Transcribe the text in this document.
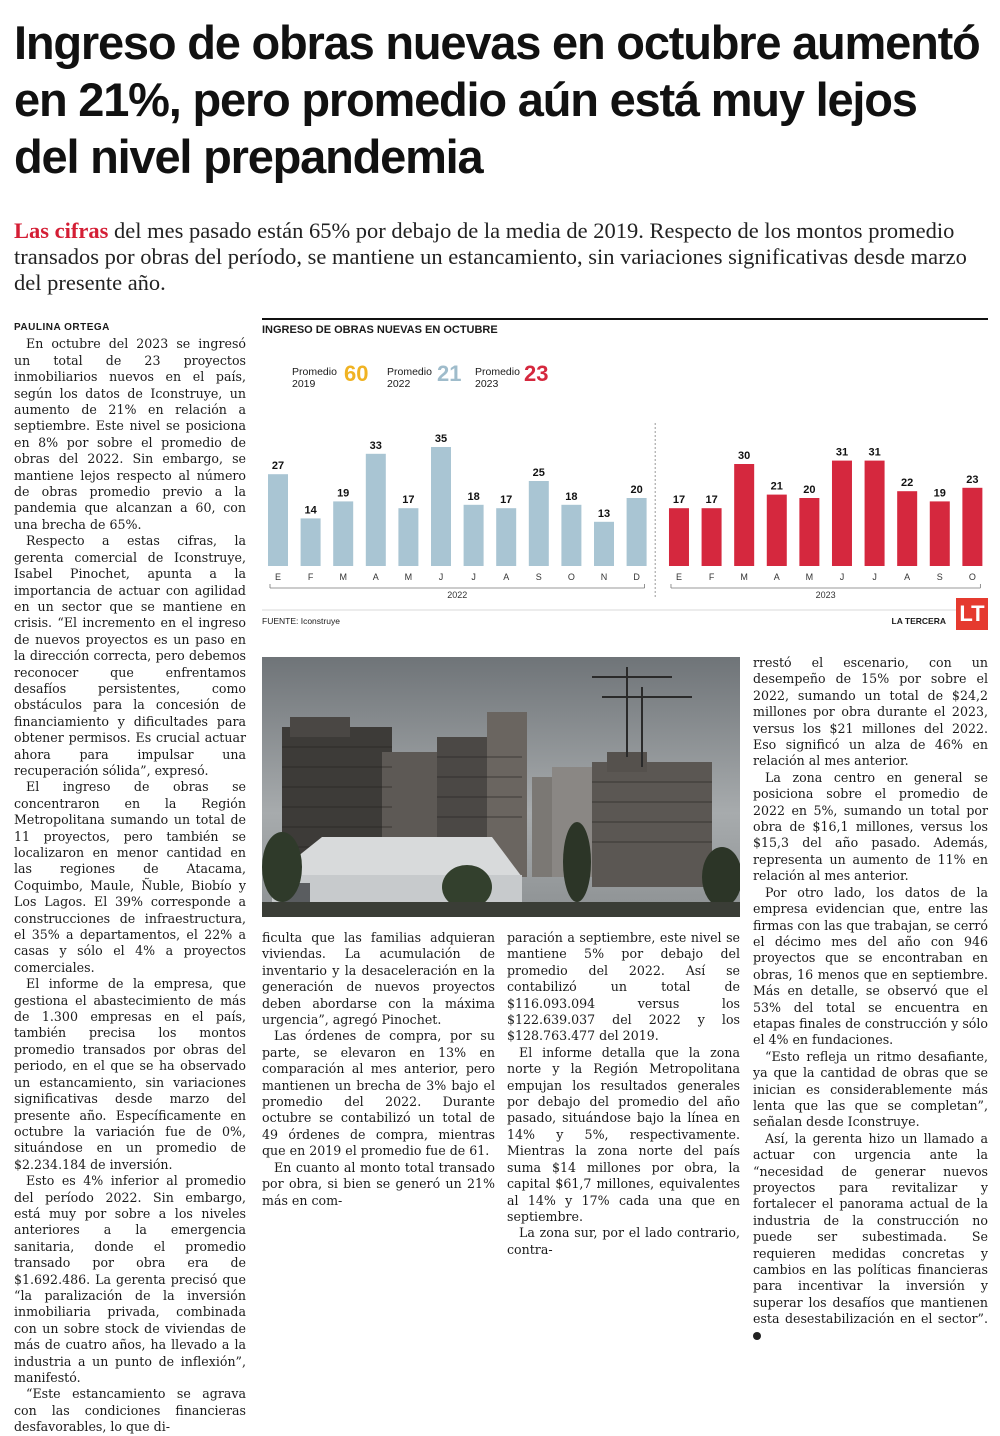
Ingreso de obras nuevas en octubre aumentó en 21%, pero promedio aún está muy lejos del nivel prepandemia

Las cifras del mes pasado están 65% por debajo de la media de 2019. Respecto de los montos promedio transados por obras del período, se mantiene un estancamiento, sin variaciones significativas desde marzo del presente año.

PAULINA ORTEGA

En octubre del 2023 se ingresó un total de 23 proyectos inmobiliarios nuevos en el país, según los datos de Iconstruye, un aumento de 21% en relación a septiembre. Este nivel se posiciona en 8% por sobre el promedio de obras del 2022. Sin embargo, se mantiene lejos respecto al número de obras promedio previo a la pandemia que alcanzan a 60, con una brecha de 65%.

Respecto a estas cifras, la gerenta comercial de Iconstruye, Isabel Pinochet, apunta a la importancia de actuar con agilidad en un sector que se mantiene en crisis. “El incremento en el ingreso de nuevos proyectos es un paso en la dirección correcta, pero debemos reconocer que enfrentamos desafíos persistentes, como obstáculos para la concesión de financiamiento y dificultades para obtener permisos. Es crucial actuar ahora para impulsar una recuperación sólida”, expresó.

El ingreso de obras se concentraron en la Región Metropolitana sumando un total de 11 proyectos, pero también se localizaron en menor cantidad en las regiones de Atacama, Coquimbo, Maule, Ñuble, Biobío y Los Lagos. El 39% corresponde a construcciones de infraestructura, el 35% a departamentos, el 22% a casas y sólo el 4% a proyectos comerciales.

El informe de la empresa, que gestiona el abastecimiento de más de 1.300 empresas en el país, también precisa los montos promedio transados por obras del periodo, en el que se ha observado un estancamiento, sin variaciones significativas desde marzo del presente año. Específicamente en octubre la variación fue de 0%, situándose en un promedio de $2.234.184 de inversión.

Esto es 4% inferior al promedio del período 2022. Sin embargo, está muy por sobre a los niveles anteriores a la emergencia sanitaria, donde el promedio transado por obra era de $1.692.486. La gerenta precisó que “la paralización de la inversión inmobiliaria privada, combinada con un sobre stock de viviendas de más de cuatro años, ha llevado a la industria a un punto de inflexión”, manifestó.

“Este estancamiento se agrava con las condiciones financieras desfavorables, lo que di-

INGRESO DE OBRAS NUEVAS EN OCTUBRE
Promedio
2019	60 Promedio
2022	21 Promedio
2023	23
27
E
14
F
19
M
33
A
17
M
35
J
18
J
17
A
25
S
18
O
13
N
20
D
17
E
17
F
30
M
21
A
20
M
31
J
31
J
22
A
19
S
23
O
2022	2023
FUENTE: Iconstruye	LA TERCERA LT

ficulta que las familias adquieran viviendas. La acumulación de inventario y la desaceleración en la generación de nuevos proyectos deben abordarse con la máxima urgencia”, agregó Pinochet.

Las órdenes de compra, por su parte, se elevaron en 13% en comparación al mes anterior, pero mantienen un brecha de 3% bajo el promedio del 2022. Durante octubre se contabilizó un total de 49 órdenes de compra, mientras que en 2019 el promedio fue de 61.

En cuanto al monto total transado por obra, si bien se generó un 21% más en com-

paración a septiembre, este nivel se mantiene 5% por debajo del promedio del 2022. Así se contabilizó un total de $116.093.094 versus los $122.639.037 del 2022 y los $128.763.477 del 2019.

El informe detalla que la zona norte y la Región Metropolitana empujan los resultados generales por debajo del promedio del año pasado, situándose bajo la línea en 14% y 5%, respectivamente. Mientras la zona norte del país suma $14 millones por obra, la capital $61,7 millones, equivalentes al 14% y 17% cada una que en septiembre.

La zona sur, por el lado contrario, contra-

rrestó el escenario, con un desempeño de 15% por sobre el 2022, sumando un total de $24,2 millones por obra durante el 2023, versus los $21 millones del 2022. Eso significó un alza de 46% en relación al mes anterior.

La zona centro en general se posiciona sobre el promedio de 2022 en 5%, sumando un total por obra de $16,1 millones, versus los $15,3 del año pasado. Además, representa un aumento de 11% en relación al mes anterior.

Por otro lado, los datos de la empresa evidencian que, entre las firmas con las que trabajan, se cerró el décimo mes del año con 946 proyectos que se encontraban en obras, 16 menos que en septiembre. Más en detalle, se observó que el 53% del total se encuentra en etapas finales de construcción y sólo el 4% en fundaciones.

“Esto refleja un ritmo desafiante, ya que la cantidad de obras que se inician es considerablemente más lenta que las que se completan”, señalan desde Iconstruye.

Así, la gerenta hizo un llamado a actuar con urgencia ante la “necesidad de generar nuevos proyectos para revitalizar y fortalecer el panorama actual de la industria de la construcción no puede ser subestimada. Se requieren medidas concretas y cambios en las políticas financieras para incentivar la inversión y superar los desafíos que mantienen esta desestabilización en el sector”.
